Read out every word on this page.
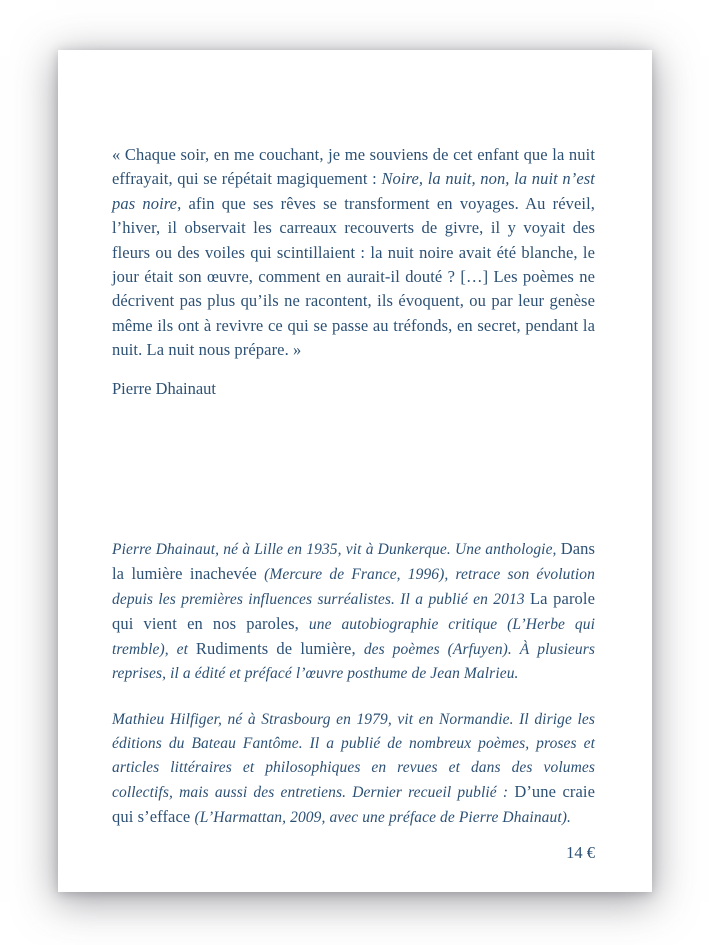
« Chaque soir, en me couchant, je me souviens de cet enfant que la nuit effrayait, qui se répétait magiquement : Noire, la nuit, non, la nuit n’est pas noire, afin que ses rêves se transforment en voyages. Au réveil, l’hiver, il observait les carreaux recouverts de givre, il y voyait des fleurs ou des voiles qui scintillaient : la nuit noire avait été blanche, le jour était son œuvre, comment en aurait-il douté ? […] Les poèmes ne décrivent pas plus qu’ils ne racontent, ils évoquent, ou par leur genèse même ils ont à revivre ce qui se passe au tréfonds, en secret, pendant la nuit. La nuit nous prépare. »

Pierre Dhainaut

Pierre Dhainaut, né à Lille en 1935, vit à Dunkerque. Une anthologie, Dans la lumière inachevée (Mercure de France, 1996), retrace son évolution depuis les premières influences surréalistes. Il a publié en 2013 La parole qui vient en nos paroles, une autobiographie critique (L’Herbe qui tremble), et Rudiments de lumière, des poèmes (Arfuyen). À plusieurs reprises, il a édité et préfacé l’œuvre posthume de Jean Malrieu.

Mathieu Hilfiger, né à Strasbourg en 1979, vit en Normandie. Il dirige les éditions du Bateau Fantôme. Il a publié de nombreux poèmes, proses et articles littéraires et philosophiques en revues et dans des volumes collectifs, mais aussi des entretiens. Dernier recueil publié : D’une craie qui s’efface (L’Harmattan, 2009, avec une préface de Pierre Dhainaut).

14 €
